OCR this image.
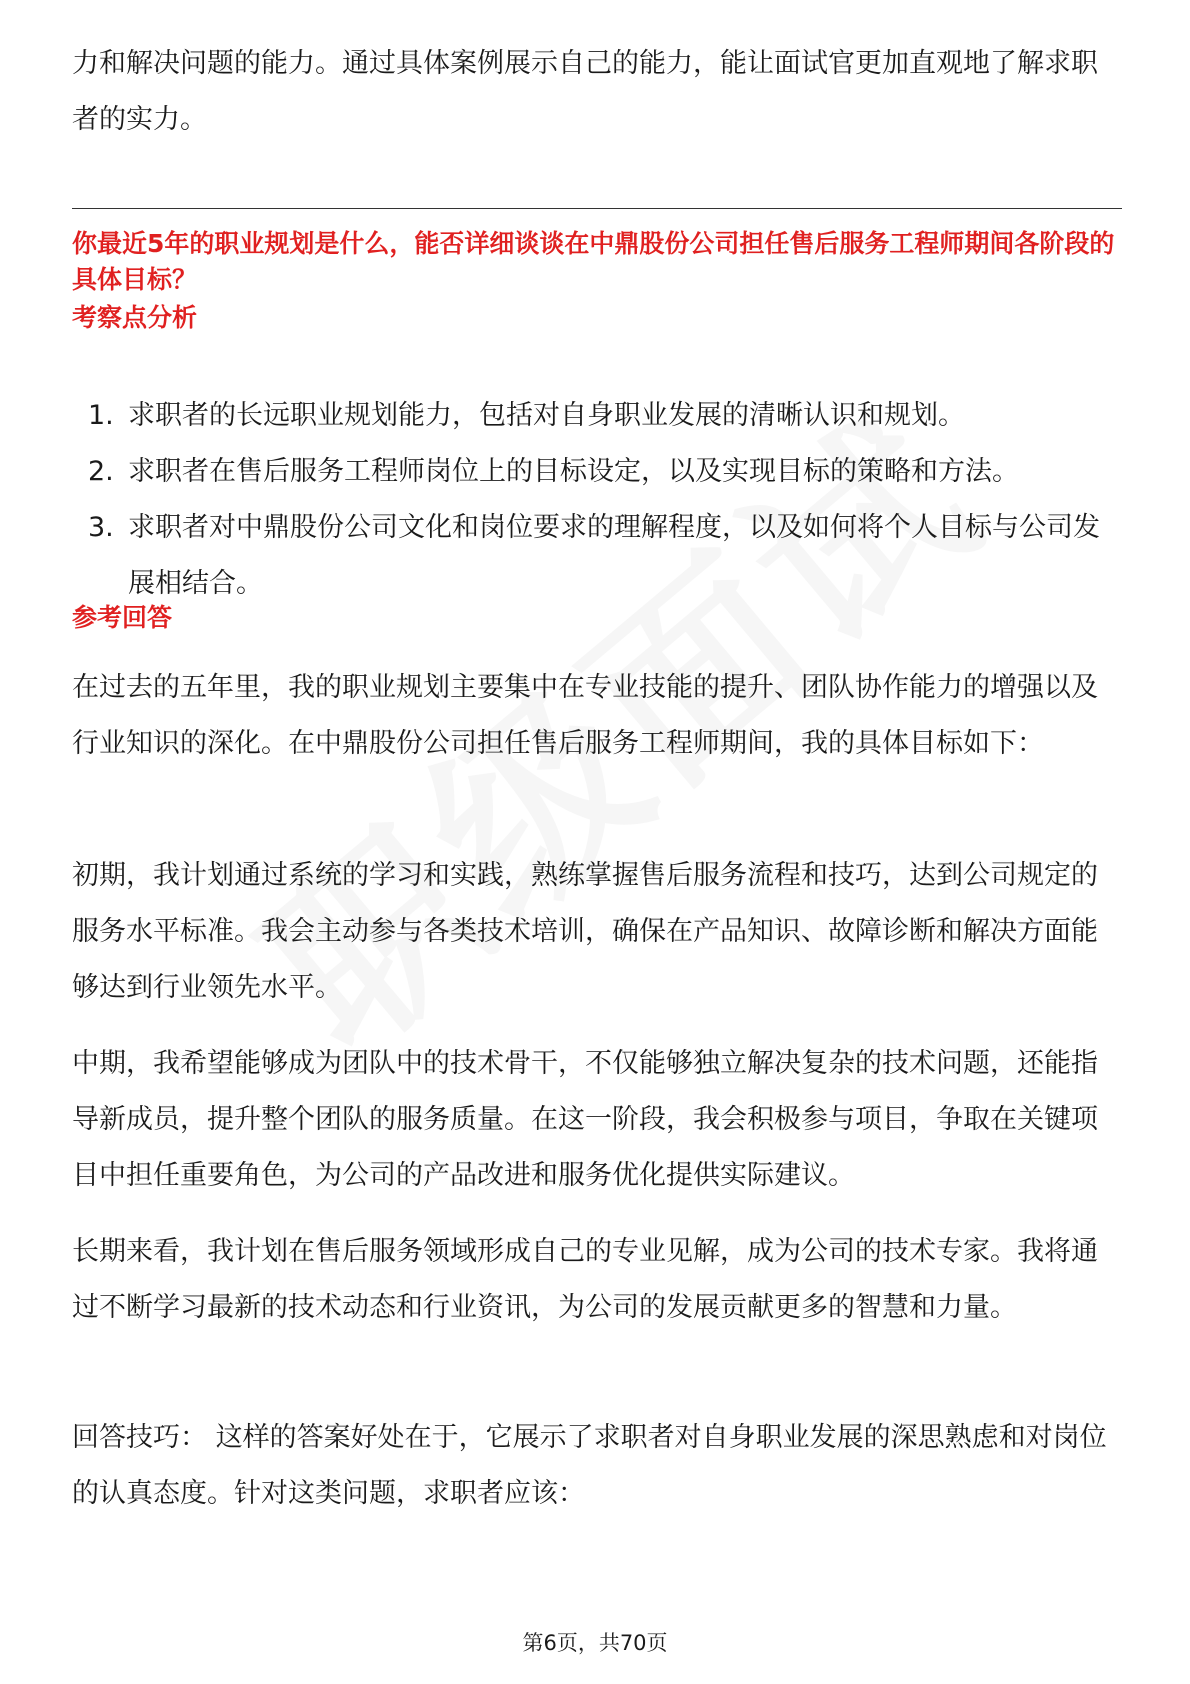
力和解决问题的能力。通过具体案例展示自己的能力，能让面试官更加直观地了解求职者的实力。

你最近5年的职业规划是什么，能否详细谈谈在中鼎股份公司担任售后服务工程师期间各阶段的具体目标？

考察点分析

1. 求职者的长远职业规划能力，包括对自身职业发展的清晰认识和规划。
2. 求职者在售后服务工程师岗位上的目标设定，以及实现目标的策略和方法。
3. 求职者对中鼎股份公司文化和岗位要求的理解程度，以及如何将个人目标与公司发展相结合。

参考回答

在过去的五年里，我的职业规划主要集中在专业技能的提升、团队协作能力的增强以及行业知识的深化。在中鼎股份公司担任售后服务工程师期间，我的具体目标如下：

初期，我计划通过系统的学习和实践，熟练掌握售后服务流程和技巧，达到公司规定的服务水平标准。我会主动参与各类技术培训，确保在产品知识、故障诊断和解决方面能够达到行业领先水平。

中期，我希望能够成为团队中的技术骨干，不仅能够独立解决复杂的技术问题，还能指导新成员，提升整个团队的服务质量。在这一阶段，我会积极参与项目，争取在关键项目中担任重要角色，为公司的产品改进和服务优化提供实际建议。

长期来看，我计划在售后服务领域形成自己的专业见解，成为公司的技术专家。我将通过不断学习最新的技术动态和行业资讯，为公司的发展贡献更多的智慧和力量。

回答技巧： 这样的答案好处在于，它展示了求职者对自身职业发展的深思熟虑和对岗位的认真态度。针对这类问题，求职者应该：

第6页，共70页
